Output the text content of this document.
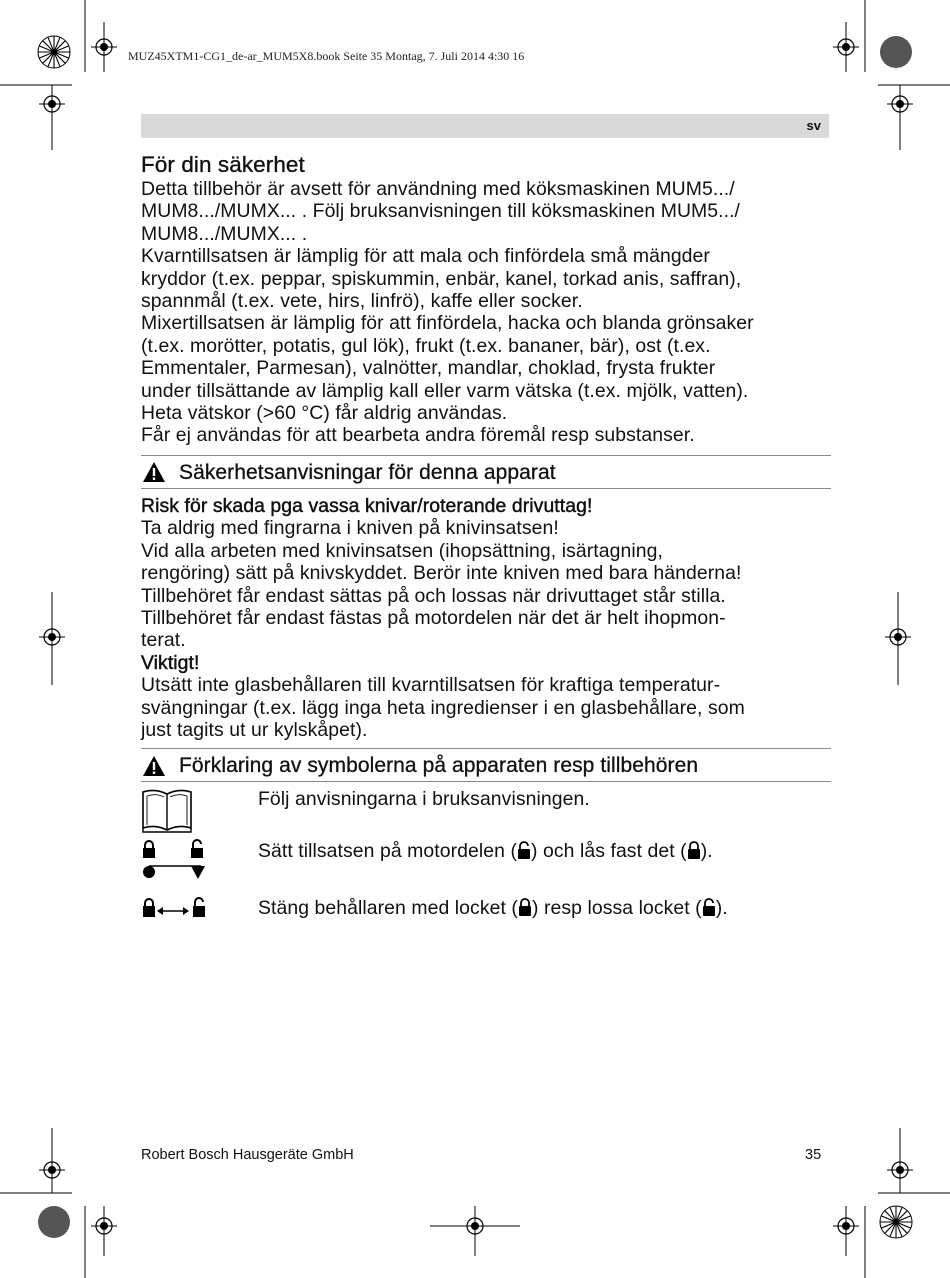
MUZ45XTM1-CG1_de-ar_MUM5X8.book Seite 35 Montag, 7. Juli 2014 4:30 16
sv
För din säkerhet

Detta tillbehör är avsett för användning med köksmaskinen MUM5.../

MUM8.../MUMX... . Följ bruksanvisningen till köksmaskinen MUM5.../

MUM8.../MUMX... .

Kvarntillsatsen är lämplig för att mala och finfördela små mängder

kryddor (t.ex. peppar, spiskummin, enbär, kanel, torkad anis, saffran),

spannmål (t.ex. vete, hirs, linfrö), kaffe eller socker.

Mixertillsatsen är lämplig för att finfördela, hacka och blanda grönsaker

(t.ex. morötter, potatis, gul lök), frukt (t.ex. bananer, bär), ost (t.ex.

Emmentaler, Parmesan), valnötter, mandlar, choklad, frysta frukter

under tillsättande av lämplig kall eller varm vätska (t.ex. mjölk, vatten).

Heta vätskor (>60 °C) får aldrig användas.

Får ej användas för att bearbeta andra föremål resp substanser.

Säkerhetsanvisningar för denna apparat

Risk för skada pga vassa knivar/roterande drivuttag!

Ta aldrig med fingrarna i kniven på knivinsatsen!

Vid alla arbeten med knivinsatsen (ihopsättning, isärtagning,

rengöring) sätt på knivskyddet. Berör inte kniven med bara händerna!

Tillbehöret får endast sättas på och lossas när drivuttaget står stilla.

Tillbehöret får endast fästas på motordelen när det är helt ihopmon-

terat.

Viktigt!

Utsätt inte glasbehållaren till kvarntillsatsen för kraftiga temperatur-

svängningar (t.ex. lägg inga heta ingredienser i en glasbehållare, som

just tagits ut ur kylskåpet).

Förklaring av symbolerna på apparaten resp tillbehören
Följ anvisningarna i bruksanvisningen.
Sätt tillsatsen på motordelen ( ) och lås fast det ( ).
Stäng behållaren med locket ( ) resp lossa locket ( ).
Robert Bosch Hausgeräte GmbH	35
